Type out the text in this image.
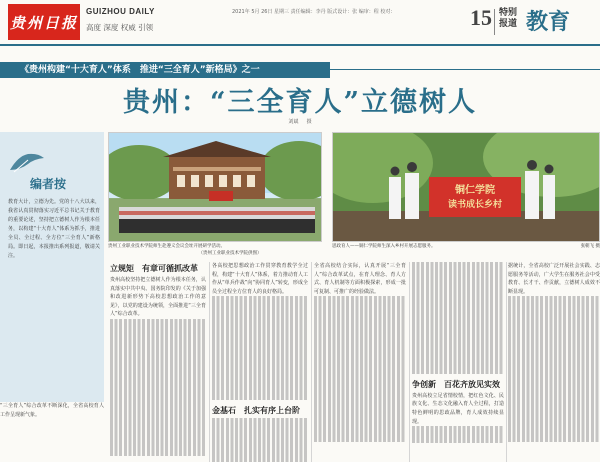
贵州日报
GUIZHOU DAILY
高度 深度 权威 引领
2021年 5月 26日 星期三 责任编辑：李丹 版式设计：张 编审：程 校对：	15 特别报道 教育
《贵州构建“十大育人”体系　推进“三全育人”新格局》之一
贵州：“三全育人”立德树人
刘斌 　 摄
编者按
教育大计，立德为先。党的十八大以来，我省认真贯彻落实习近平总书记关于教育的重要论述，坚持把立德树人作为根本任务，以构建“十大育人”体系为抓手，推进全员、全过程、全方位“三全育人”新格局。即日起，本报推出系列报道，敬请关注。
“三全育人”综合改革不断深化，全省高校育人工作呈现新气象。
贵州工业职业技术学院师生赴遵义会议会址开展研学活动。
（贵州工业职业技术学院供图）
铜仁学院
读书成长乡村
思政育人——铜仁学院师生深入乡村开展志愿服务。	张朝飞 摄
立规矩　有章可循抓改革
贵州高校坚持把立德树人作为根本任务，认真落实中共中央、国务院印发的《关于加强和改进新形势下高校思想政治工作的意见》，以党的建设为统领，全面推进“三全育人”综合改革。
各高校把思想政治工作贯穿教育教学全过程，构建“十大育人”体系，着力推动育人工作从“单兵作战”向“协同育人”转变，形成全员全过程全方位育人的良好格局。
金基石　扎实有序上台阶
全省高校结合实际，认真开展“三全育人”综合改革试点，在育人理念、育人方式、育人机制等方面积极探索，形成一批可复制、可推广的经验做法。
争创新　百花齐放见实效
贵州高校立足省情校情，把红色文化、民族文化、生态文化融入育人全过程，打造特色鲜明的思政品牌，育人成效持续显现。
据统计，全省高校广泛开展社会实践、志愿服务等活动，广大学生在服务社会中受教育、长才干、作贡献，立德树人成效不断显现。
